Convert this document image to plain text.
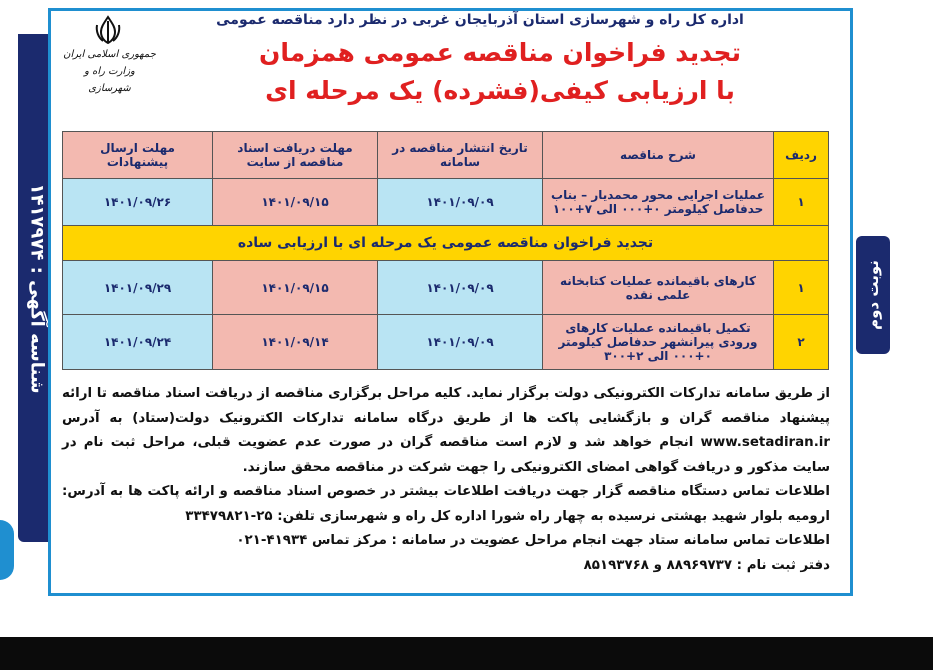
شناسه آگهی : ۱۴۱۷۹۷۴	نوبت دوم
اداره کل راه و شهرسازی استان آذربایجان غربی در نظر دارد مناقصه عمومی
تجدید فراخوان مناقصه عمومی همزمان
با ارزیابی کیفی(فشرده) یک مرحله ای
جمهوری اسلامی ایران
وزارت راه و شهرسازی
ردیف	شرح مناقصه	تاریخ انتشار مناقصه در سامانه	مهلت دریافت اسناد مناقصه از سایت	مهلت ارسال پیشنهادات
۱	عملیات اجرایی محور محمدیار – بناب حدفاصل کیلومتر ۰+۰۰۰ الی ۷+۱۰۰	۱۴۰۱/۰۹/۰۹	۱۴۰۱/۰۹/۱۵	۱۴۰۱/۰۹/۲۶
تجدید فراخوان مناقصه عمومی یک مرحله ای با ارزیابی ساده				
۱	کارهای باقیمانده عملیات کتابخانه علمی نقده	۱۴۰۱/۰۹/۰۹	۱۴۰۱/۰۹/۱۵	۱۴۰۱/۰۹/۲۹
۲	تکمیل باقیمانده عملیات کارهای ورودی پیرانشهر حدفاصل کیلومتر ۰+۰۰۰ الی ۲+۳۰۰	۱۴۰۱/۰۹/۰۹	۱۴۰۱/۰۹/۱۴	۱۴۰۱/۰۹/۲۴

از طریق سامانه تدارکات الکترونیکی دولت برگزار نماید. کلیه مراحل برگزاری مناقصه از دریافت اسناد مناقصه تا ارائه پیشنهاد مناقصه گران و بازگشایی پاکت ها از طریق درگاه سامانه تدارکات الکترونیک دولت(ستاد) به آدرس www.setadiran.ir انجام خواهد شد و لازم است مناقصه گران در صورت عدم عضویت قبلی، مراحل ثبت نام در سایت مذکور و دریافت گواهی امضای الکترونیکی را جهت شرکت در مناقصه محقق سازند.

اطلاعات تماس دستگاه مناقصه گزار جهت دریافت اطلاعات بیشتر در خصوص اسناد مناقصه و ارائه پاکت ها به آدرس: ارومیه بلوار شهید بهشتی نرسیده به چهار راه شورا اداره کل راه و شهرسازی تلفن: ۲۵-۳۳۴۷۹۸۲۱

اطلاعات تماس سامانه ستاد جهت انجام مراحل عضویت در سامانه : مرکز تماس ۴۱۹۳۴-۰۲۱

دفتر ثبت نام : ۸۸۹۶۹۷۳۷ و ۸۵۱۹۳۷۶۸
